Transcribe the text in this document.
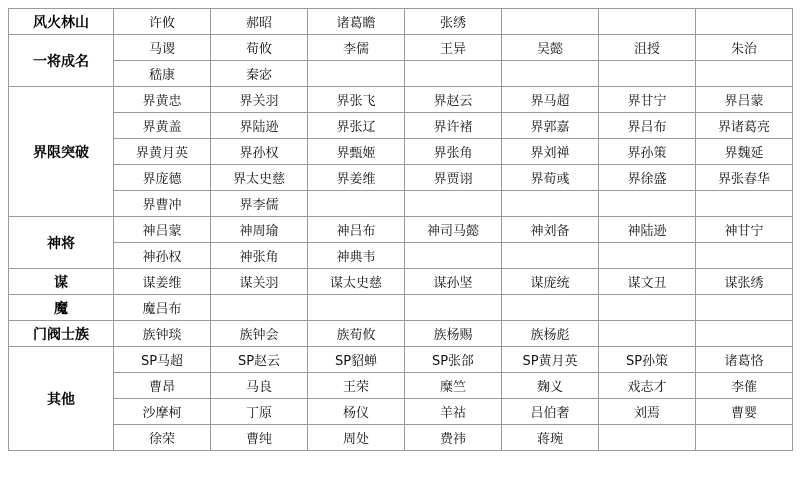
风火林山	许攸	郝昭	诸葛瞻	张绣			
一将成名	马谡	荀攸	李儒	王异	吴懿	沮授	朱治
	嵇康	秦宓					
界限突破	界黄忠	界关羽	界张飞	界赵云	界马超	界甘宁	界吕蒙
	界黄盖	界陆逊	界张辽	界许褚	界郭嘉	界吕布	界诸葛亮
	界黄月英	界孙权	界甄姬	界张角	界刘禅	界孙策	界魏延
	界庞德	界太史慈	界姜维	界贾诩	界荀彧	界徐盛	界张春华
	界曹冲	界李儒					
神将	神吕蒙	神周瑜	神吕布	神司马懿	神刘备	神陆逊	神甘宁
	神孙权	神张角	神典韦				
谋	谋姜维	谋关羽	谋太史慈	谋孙坚	谋庞统	谋文丑	谋张绣
魔	魔吕布						
门阀士族	族钟琰	族钟会	族荀攸	族杨赐	族杨彪		
其他	SP马超	SP赵云	SP貂蝉	SP张郃	SP黄月英	SP孙策	诸葛恪
	曹昂	马良	王荣	糜竺	麹义	戏志才	李傕
	沙摩柯	丁原	杨仪	羊祜	吕伯奢	刘焉	曹婴
	徐荣	曹纯	周处	费祎	蒋琬		
